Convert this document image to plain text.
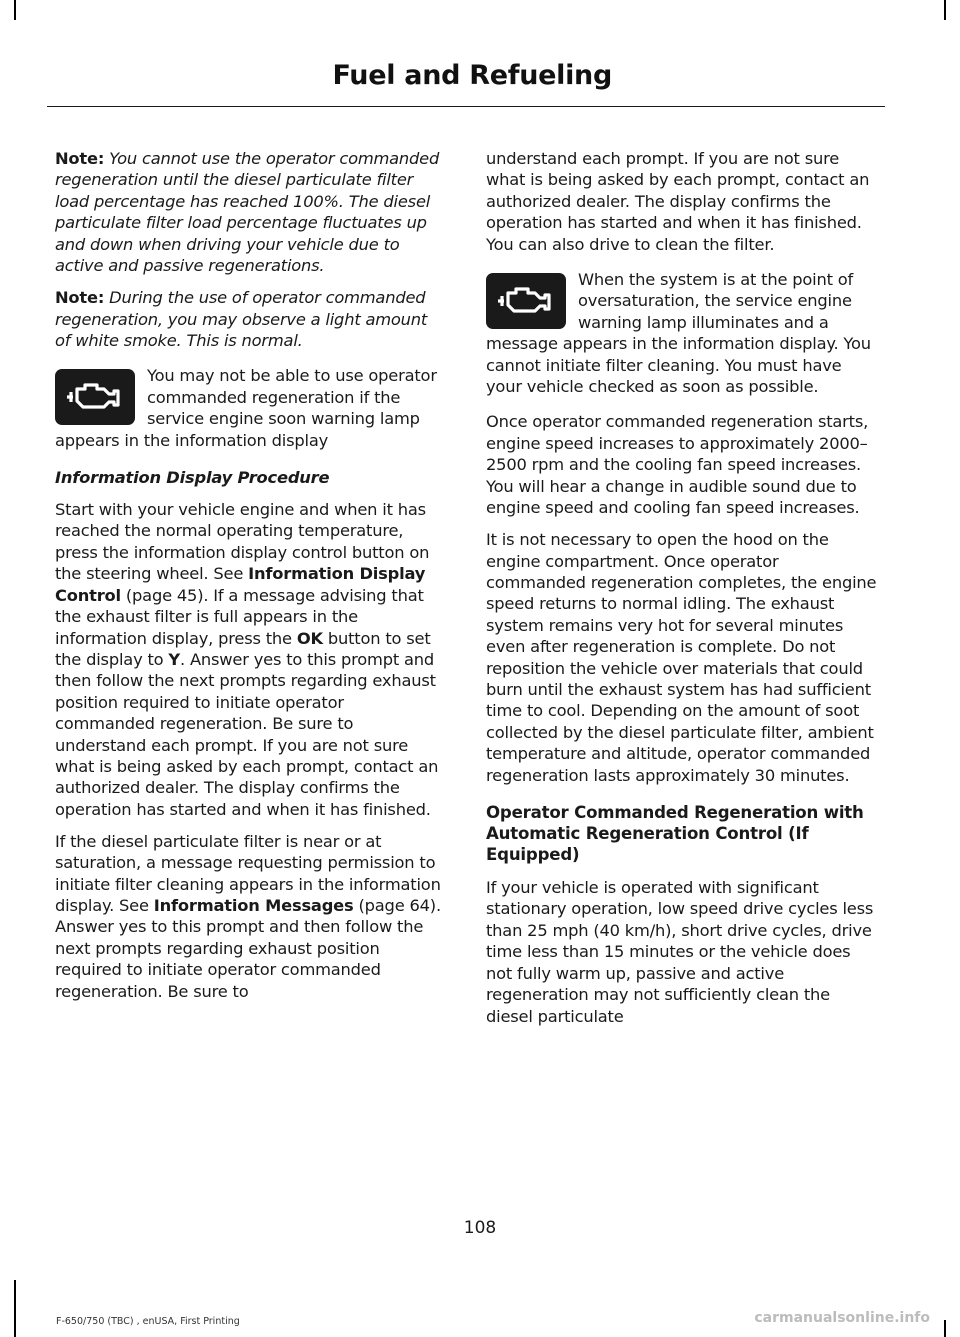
Fuel and Refueling

Note: You cannot use the operator commanded regeneration until the diesel particulate filter load percentage has reached 100%. The diesel particulate filter load percentage fluctuates up and down when driving your vehicle due to active and passive regenerations.

Note: During the use of operator commanded regeneration, you may observe a light amount of white smoke. This is normal.

You may not be able to use operator commanded regeneration if the service engine soon warning lamp appears in the information display

Information Display Procedure

Start with your vehicle engine and when it has reached the normal operating temperature, press the information display control button on the steering wheel. See Information Display Control (page 45). If a message advising that the exhaust filter is full appears in the information display, press the OK button to set the display to Y. Answer yes to this prompt and then follow the next prompts regarding exhaust position required to initiate operator commanded regeneration. Be sure to understand each prompt. If you are not sure what is being asked by each prompt, contact an authorized dealer. The display confirms the operation has started and when it has finished.

If the diesel particulate filter is near or at saturation, a message requesting permission to initiate filter cleaning appears in the information display. See Information Messages (page 64). Answer yes to this prompt and then follow the next prompts regarding exhaust position required to initiate operator commanded regeneration. Be sure to

understand each prompt. If you are not sure what is being asked by each prompt, contact an authorized dealer. The display confirms the operation has started and when it has finished. You can also drive to clean the filter.

When the system is at the point of oversaturation, the service engine warning lamp illuminates and a message appears in the information display. You cannot initiate filter cleaning. You must have your vehicle checked as soon as possible.

Once operator commanded regeneration starts, engine speed increases to approximately 2000–2500 rpm and the cooling fan speed increases. You will hear a change in audible sound due to engine speed and cooling fan speed increases.

It is not necessary to open the hood on the engine compartment. Once operator commanded regeneration completes, the engine speed returns to normal idling. The exhaust system remains very hot for several minutes even after regeneration is complete. Do not reposition the vehicle over materials that could burn until the exhaust system has had sufficient time to cool. Depending on the amount of soot collected by the diesel particulate filter, ambient temperature and altitude, operator commanded regeneration lasts approximately 30 minutes.

Operator Commanded Regeneration with Automatic Regeneration Control (If Equipped)

If your vehicle is operated with significant stationary operation, low speed drive cycles less than 25 mph (40 km/h), short drive cycles, drive time less than 15 minutes or the vehicle does not fully warm up, passive and active regeneration may not sufficiently clean the diesel particulate

108
F-650/750 (TBC) , enUSA, First Printing	carmanualsonline.info
